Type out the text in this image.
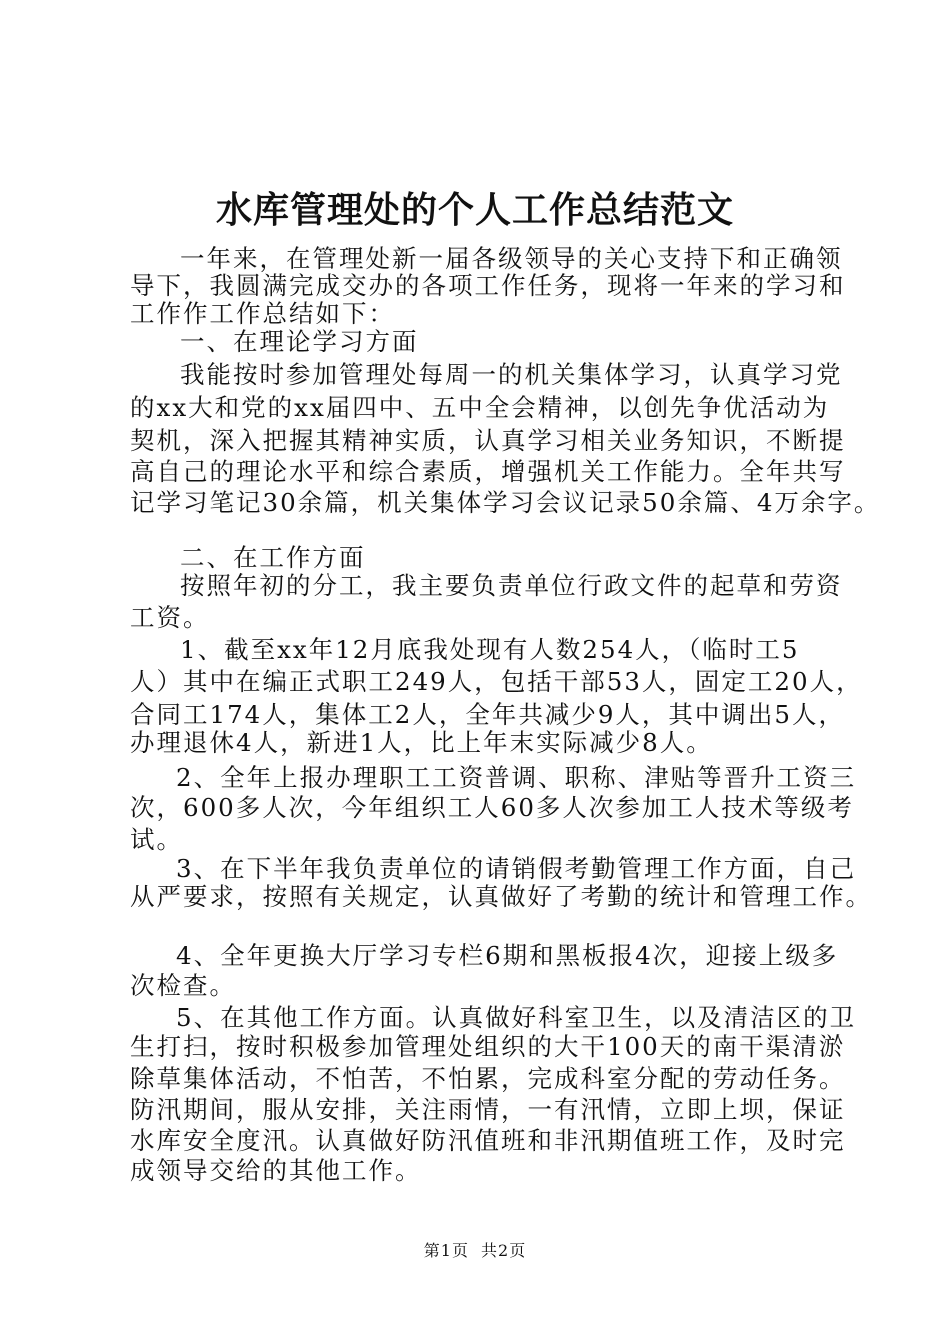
水库管理处的个人工作总结范文
一年来，在管理处新一届各级领导的关心支持下和正确领
导下，我圆满完成交办的各项工作任务，现将一年来的学习和
工作作工作总结如下：
一、在理论学习方面
我能按时参加管理处每周一的机关集体学习，认真学习党
的xx大和党的xx届四中、五中全会精神，以创先争优活动为
契机，深入把握其精神实质，认真学习相关业务知识，不断提
高自己的理论水平和综合素质，增强机关工作能力。全年共写
记学习笔记30余篇，机关集体学习会议记录50余篇、4万余字。
二、在工作方面
按照年初的分工，我主要负责单位行政文件的起草和劳资
工资。
1、截至xx年12月底我处现有人数254人，（临时工5
人）其中在编正式职工249人，包括干部53人，固定工20人，
合同工174人，集体工2人，全年共减少9人，其中调出5人，
办理退休4人，新进1人，比上年末实际减少8人。
2、全年上报办理职工工资普调、职称、津贴等晋升工资三
次，600多人次，今年组织工人60多人次参加工人技术等级考
试。
3、在下半年我负责单位的请销假考勤管理工作方面，自己
从严要求，按照有关规定，认真做好了考勤的统计和管理工作。
4、全年更换大厅学习专栏6期和黑板报4次，迎接上级多
次检查。
5、在其他工作方面。认真做好科室卫生，以及清洁区的卫
生打扫，按时积极参加管理处组织的大干100天的南干渠清淤
除草集体活动，不怕苦，不怕累，完成科室分配的劳动任务。
防汛期间，服从安排，关注雨情，一有汛情，立即上坝，保证
水库安全度汛。认真做好防汛值班和非汛期值班工作，及时完
成领导交给的其他工作。
第1页 共2页
